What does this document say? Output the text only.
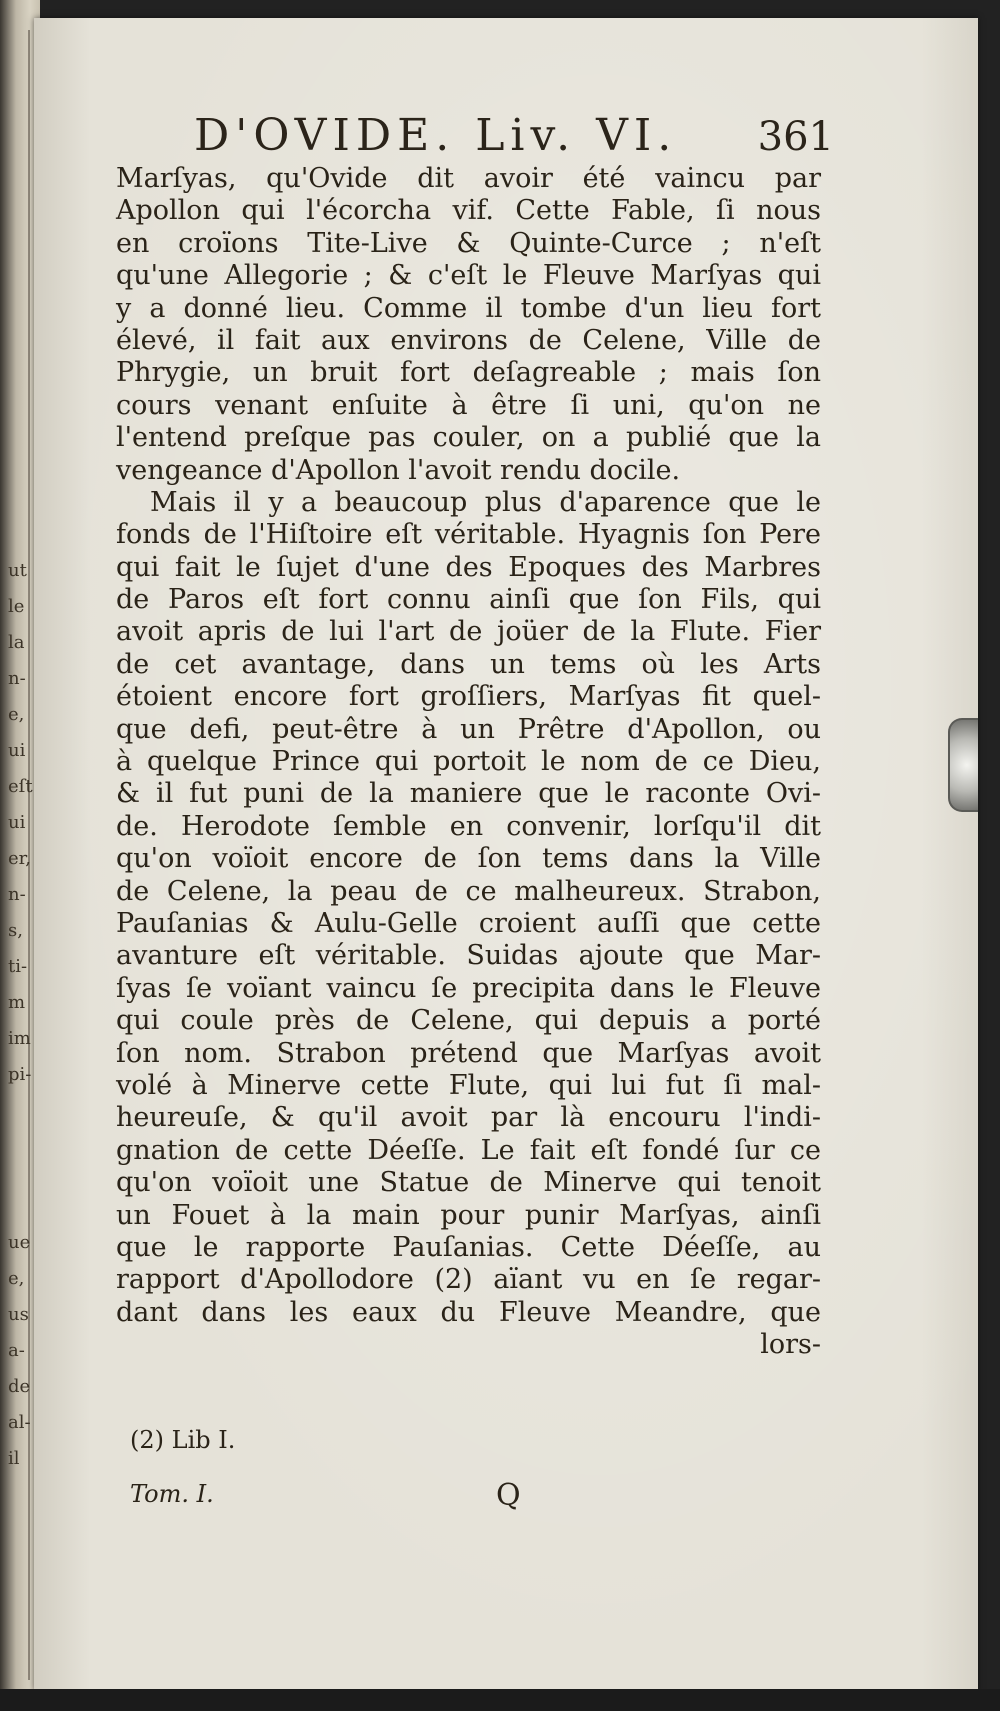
ut
le
la
n-
e,
ui
eſt
ui
er,
n-
s,
ti-
m
im
pi-
ue
e,
us
a-
de
al-
il
D'OVIDE. Liv. VI. 361
Marſyas, qu'Ovide dit avoir été vaincu par
Apollon qui l'écorcha vif. Cette Fable, ſi nous
en croïons Tite-Live & Quinte-Curce ; n'eſt
qu'une Allegorie ; & c'eſt le Fleuve Marſyas qui
y a donné lieu. Comme il tombe d'un lieu fort
élevé, il fait aux environs de Celene, Ville de
Phrygie, un bruit fort deſagreable ; mais ſon
cours venant enſuite à être ſi uni, qu'on ne
l'entend preſque pas couler, on a publié que la
vengeance d'Apollon l'avoit rendu docile.
Mais il y a beaucoup plus d'aparence que le
fonds de l'Hiſtoire eſt véritable. Hyagnis ſon Pere
qui fait le ſujet d'une des Epoques des Marbres
de Paros eſt fort connu ainſi que ſon Fils, qui
avoit apris de lui l'art de joüer de la Flute. Fier
de cet avantage, dans un tems où les Arts
étoient encore fort groſſiers, Marſyas fit quel-
que defi, peut-être à un Prêtre d'Apollon, ou
à quelque Prince qui portoit le nom de ce Dieu,
& il fut puni de la maniere que le raconte Ovi-
de. Herodote ſemble en convenir, lorſqu'il dit
qu'on voïoit encore de ſon tems dans la Ville
de Celene, la peau de ce malheureux. Strabon,
Pauſanias & Aulu-Gelle croient auſſi que cette
avanture eſt véritable. Suidas ajoute que Mar-
ſyas ſe voïant vaincu ſe precipita dans le Fleuve
qui coule près de Celene, qui depuis a porté
ſon nom. Strabon prétend que Marſyas avoit
volé à Minerve cette Flute, qui lui fut ſi mal-
heureuſe, & qu'il avoit par là encouru l'indi-
gnation de cette Déeſſe. Le fait eſt fondé ſur ce
qu'on voïoit une Statue de Minerve qui tenoit
un Fouet à la main pour punir Marſyas, ainſi
que le rapporte Pauſanias. Cette Déeſſe, au
rapport d'Apollodore (2) aïant vu en ſe regar-
dant dans les eaux du Fleuve Meandre, que
lors-
(2) Lib I.
Tom. I.	Q
